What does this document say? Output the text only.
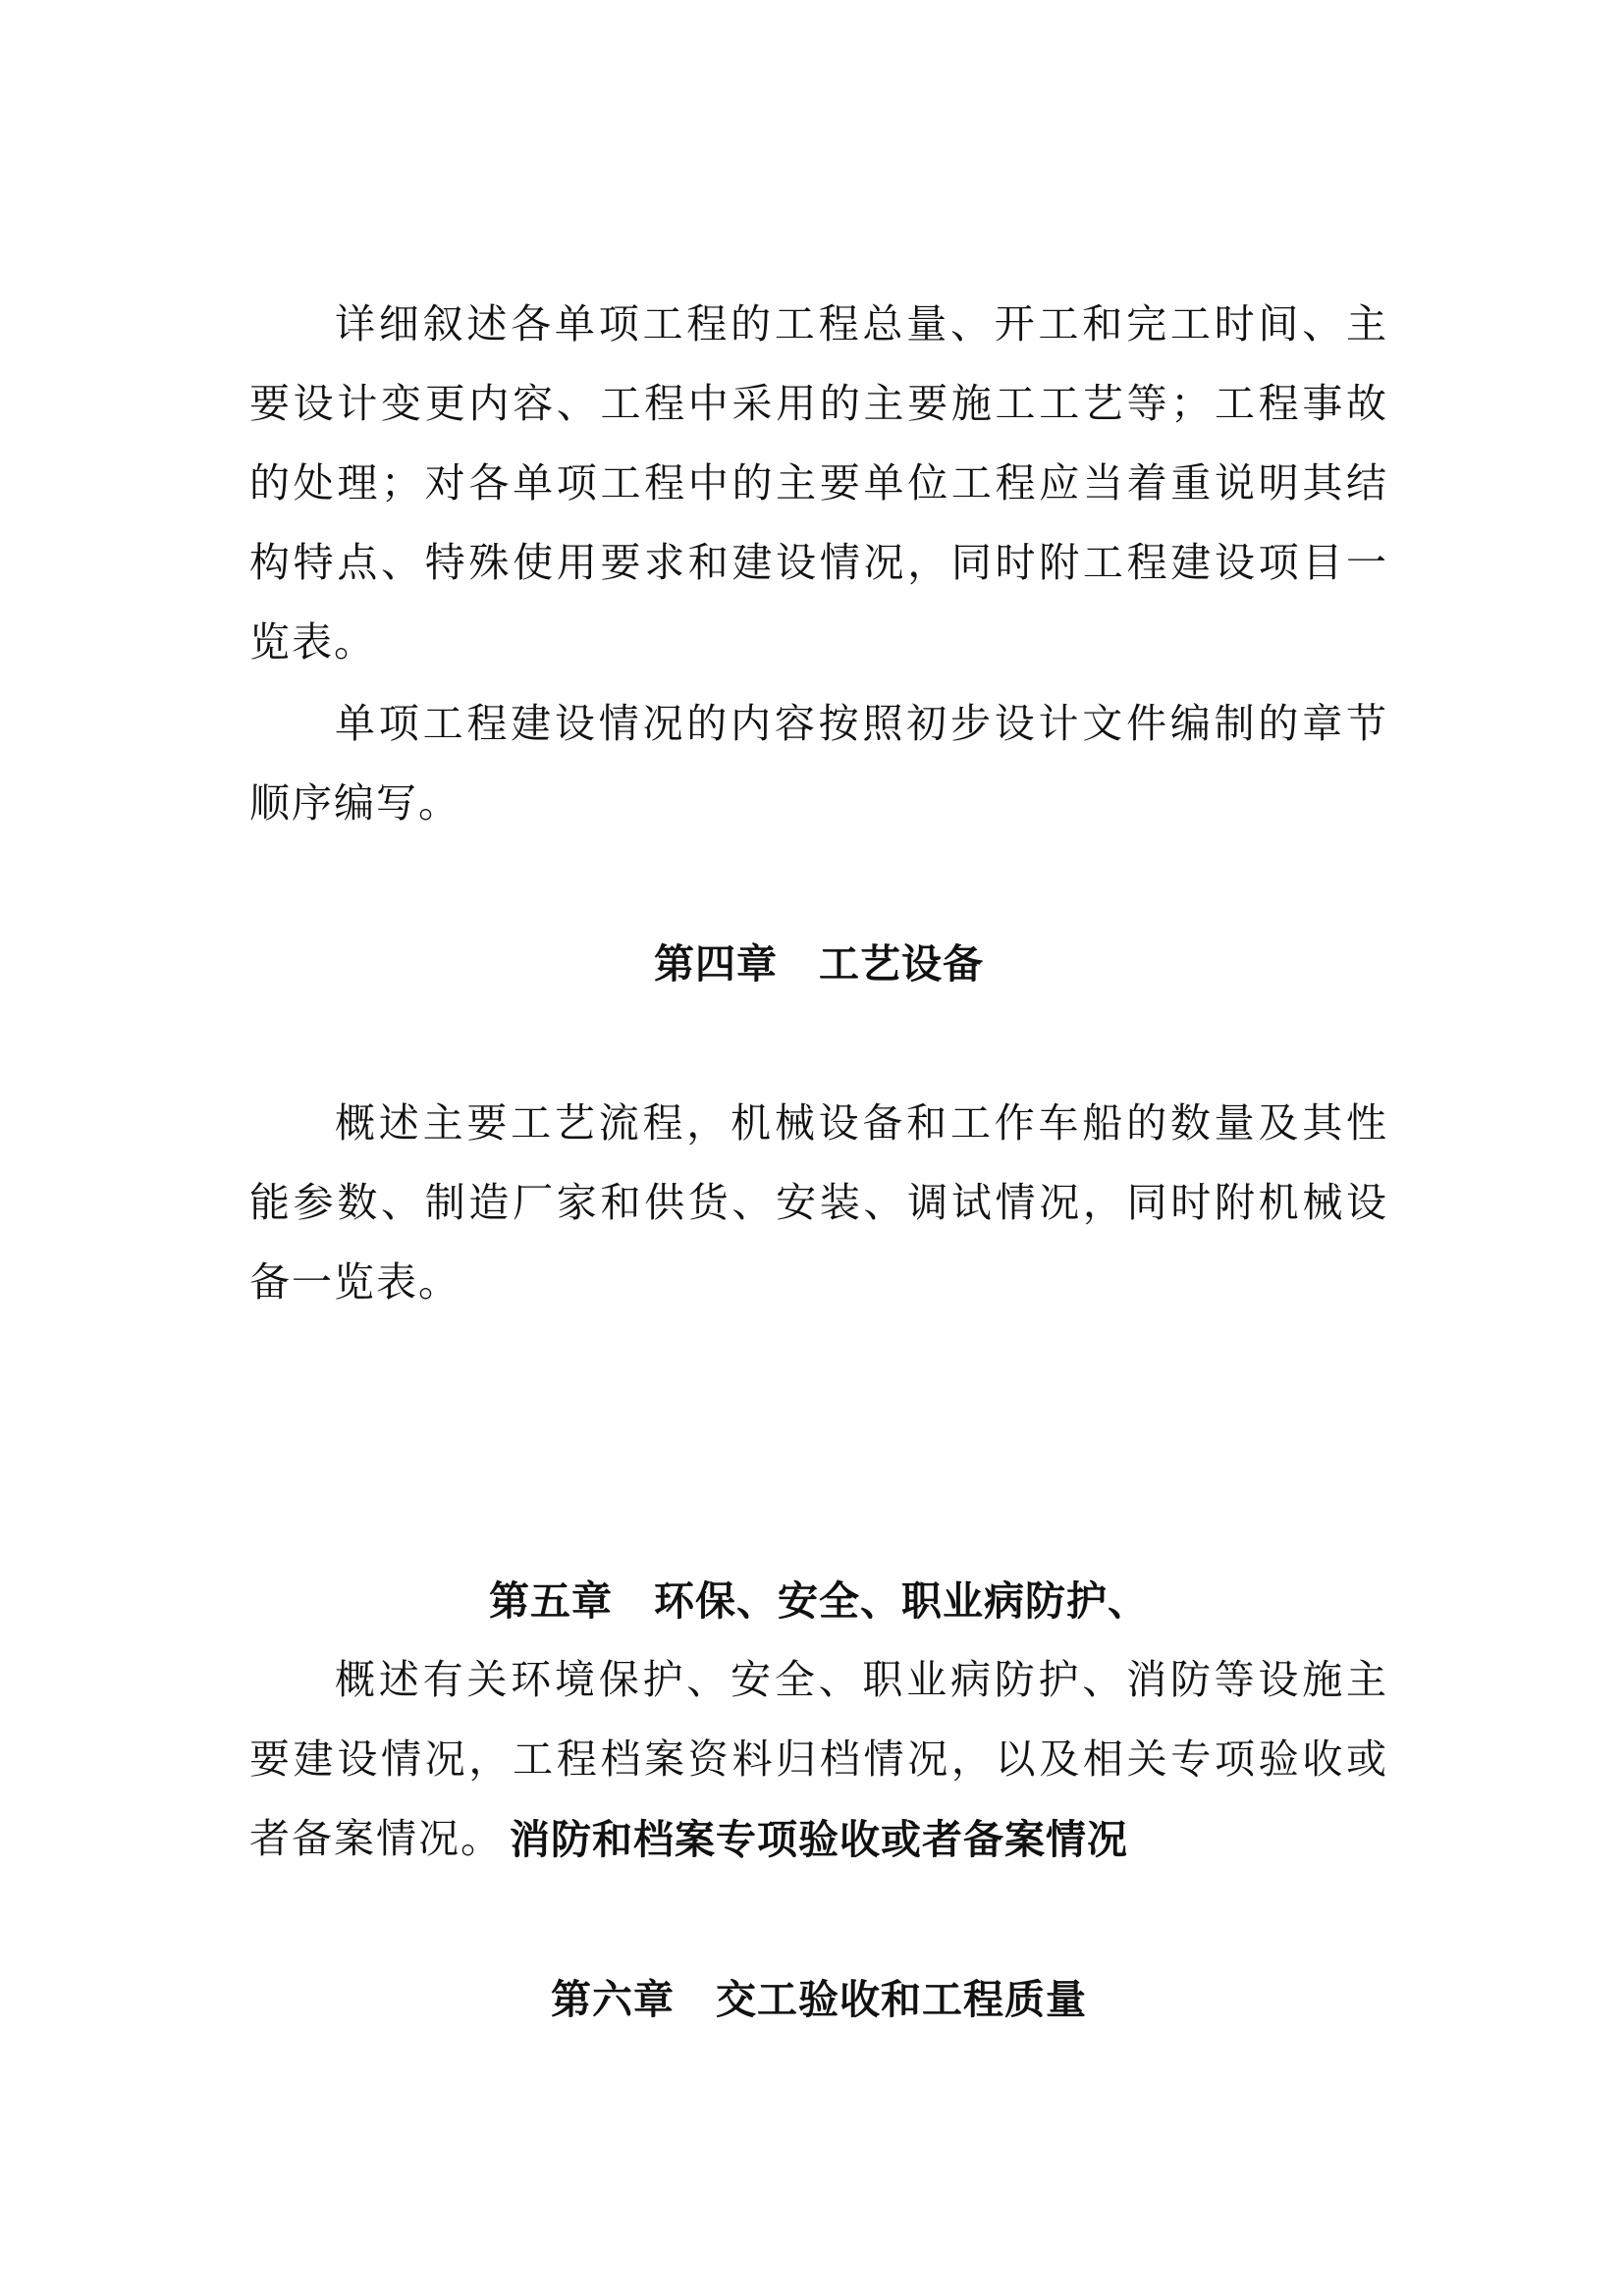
详细叙述各单项工程的工程总量、开工和完工时间、主要设计变更内容、工程中采用的主要施工工艺等；工程事故的处理；对各单项工程中的主要单位工程应当着重说明其结构特点、特殊使用要求和建设情况，同时附工程建设项目一览表。

单项工程建设情况的内容按照初步设计文件编制的章节顺序编写。

第四章　工艺设备

概述主要工艺流程，机械设备和工作车船的数量及其性能参数、制造厂家和供货、安装、调试情况，同时附机械设备一览表。

第五章　环保、安全、职业病防护、

消防和档案专项验收或者备案情况

概述有关环境保护、安全、职业病防护、消防等设施主要建设情况，工程档案资料归档情况，以及相关专项验收或者备案情况。

第六章　交工验收和工程质量
